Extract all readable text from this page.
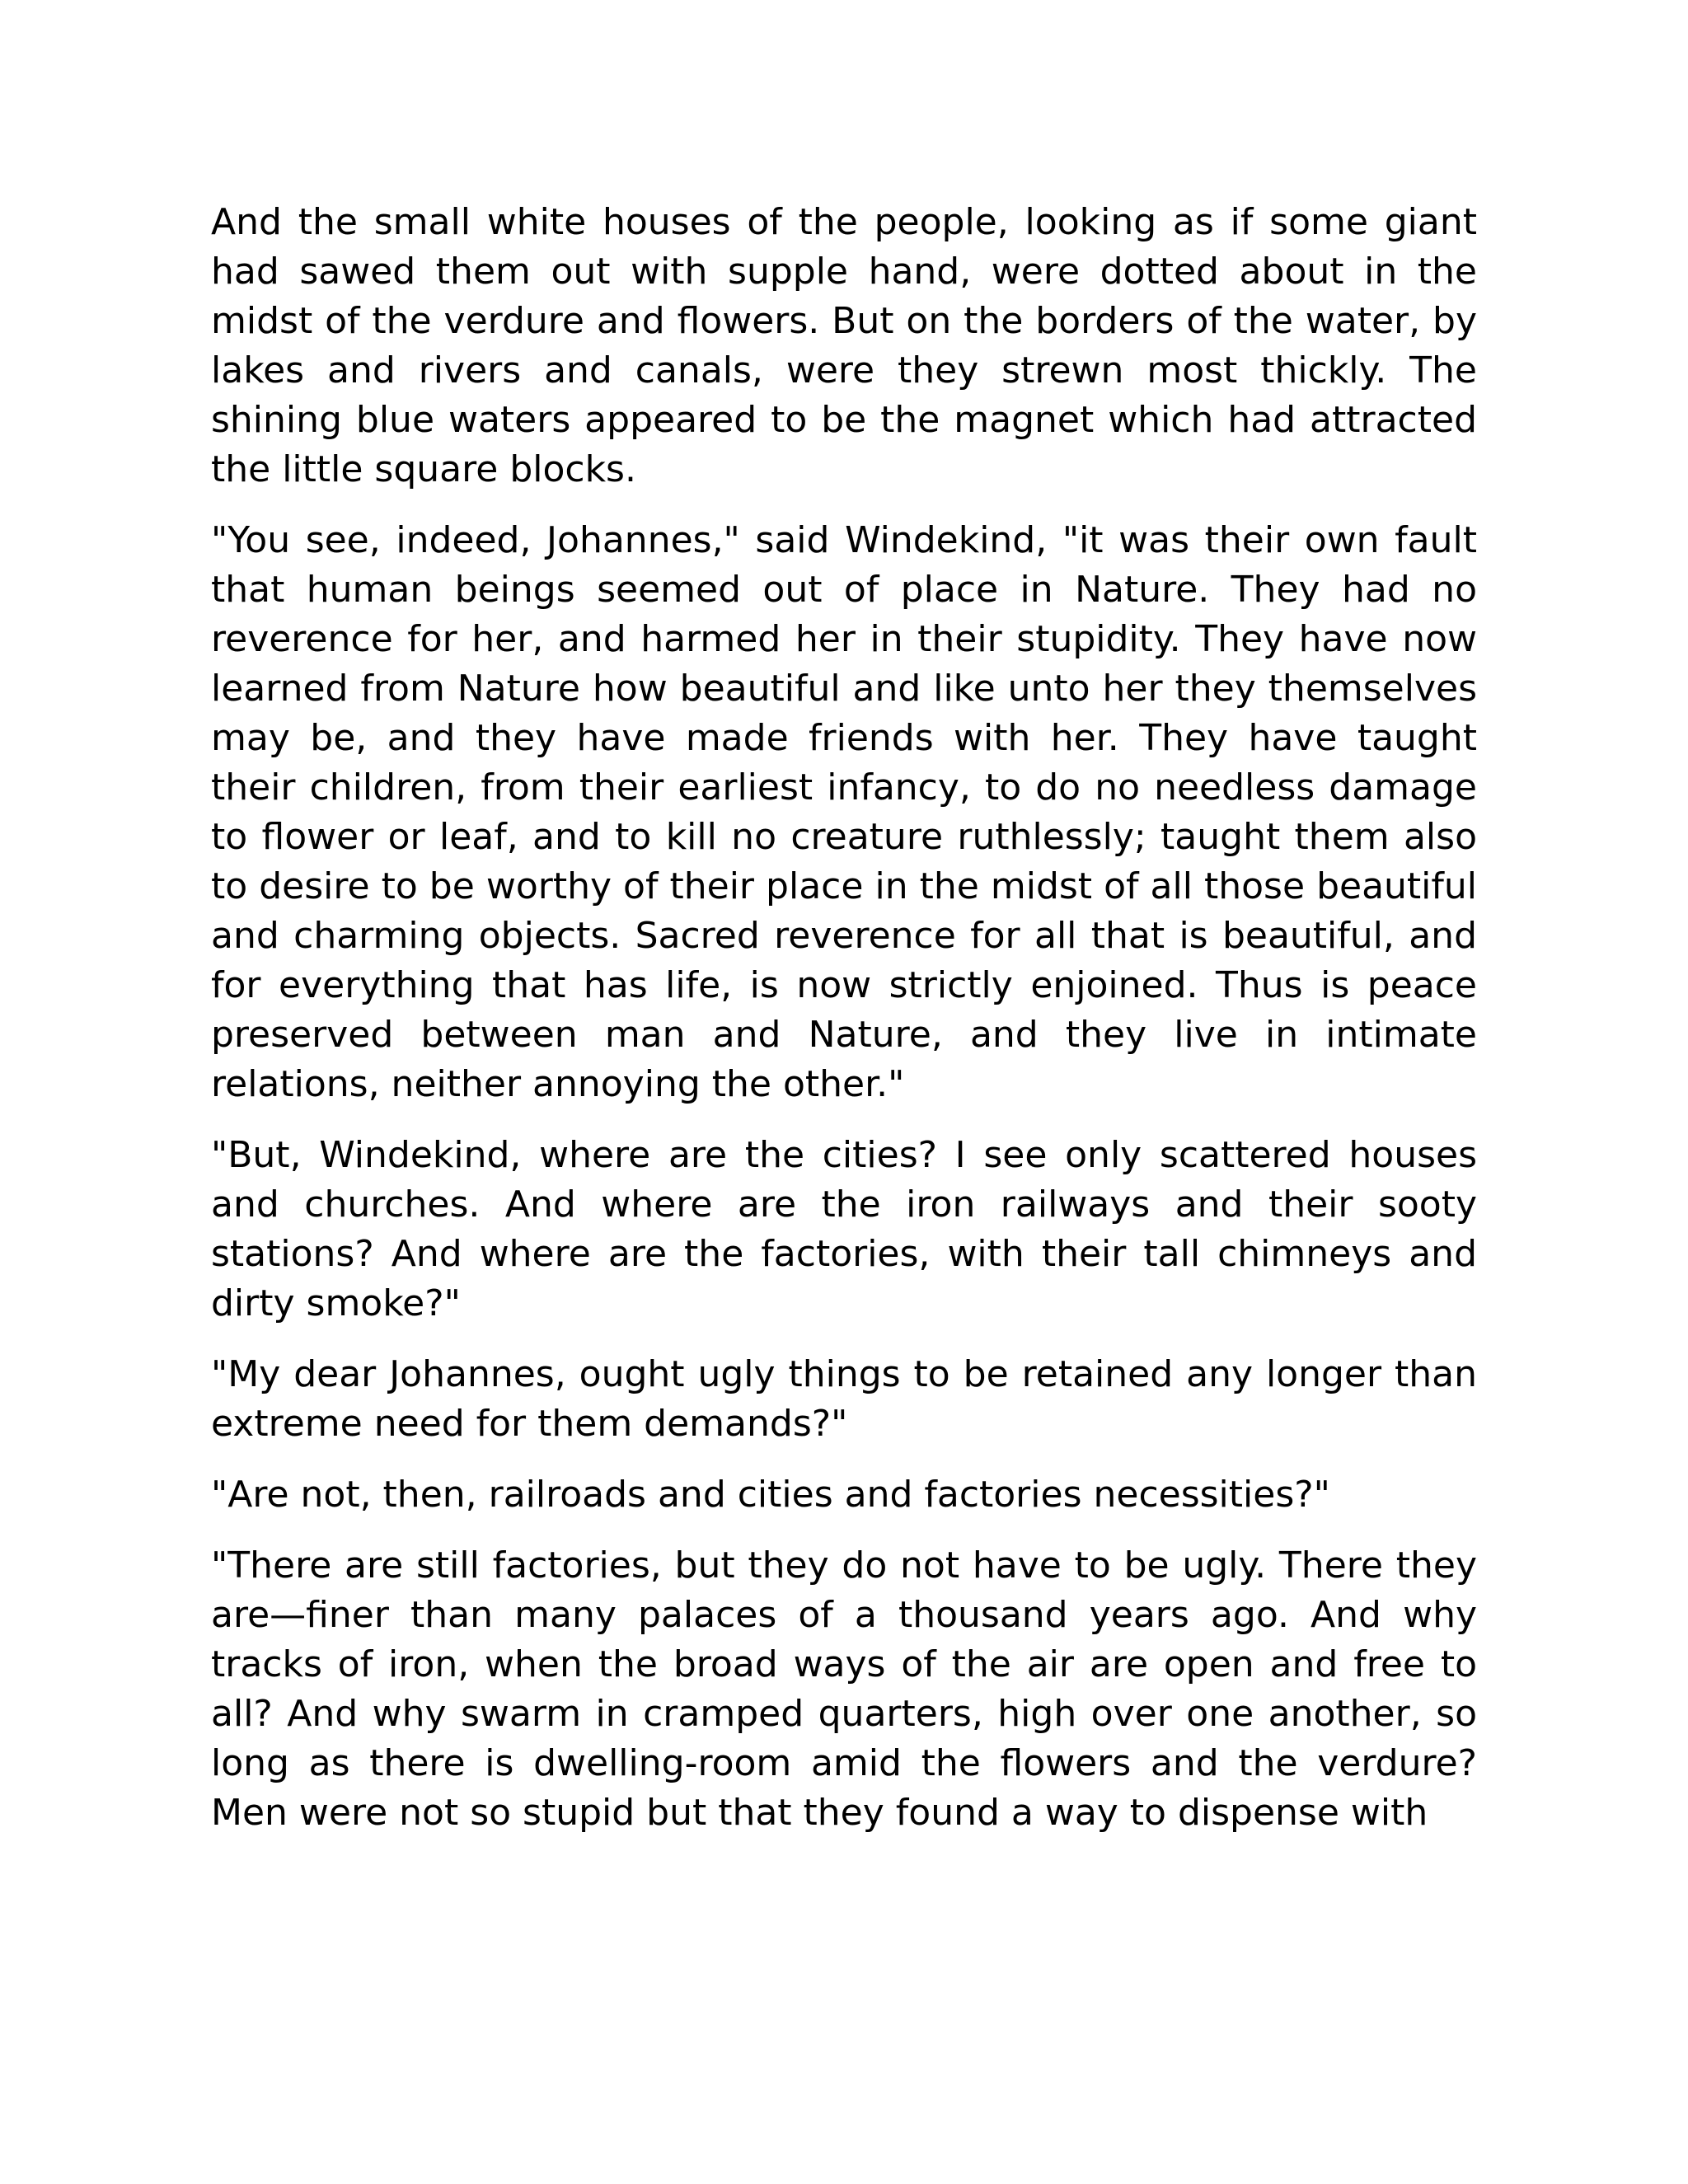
And the small white houses of the people, looking as if some giant had sawed them out with supple hand, were dotted about in the midst of the verdure and flowers. But on the borders of the water, by lakes and rivers and canals, were they strewn most thickly. The shining blue waters appeared to be the magnet which had attracted the little square blocks.

"You see, indeed, Johannes," said Windekind, "it was their own fault that human beings seemed out of place in Nature. They had no reverence for her, and harmed her in their stupidity. They have now learned from Nature how beautiful and like unto her they themselves may be, and they have made friends with her. They have taught their children, from their earliest infancy, to do no needless damage to flower or leaf, and to kill no creature ruthlessly; taught them also to desire to be worthy of their place in the midst of all those beautiful and charming objects. Sacred reverence for all that is beautiful, and for everything that has life, is now strictly enjoined. Thus is peace preserved between man and Nature, and they live in intimate relations, neither annoying the other."

"But, Windekind, where are the cities? I see only scattered houses and churches. And where are the iron railways and their sooty stations? And where are the factories, with their tall chimneys and dirty smoke?"

"My dear Johannes, ought ugly things to be retained any longer than extreme need for them demands?"

"Are not, then, railroads and cities and factories necessities?"

"There are still factories, but they do not have to be ugly. There they are—finer than many palaces of a thousand years ago. And why tracks of iron, when the broad ways of the air are open and free to all? And why swarm in cramped quarters, high over one another, so long as there is dwelling-room amid the flowers and the verdure? Men were not so stupid but that they found a way to dispense with
